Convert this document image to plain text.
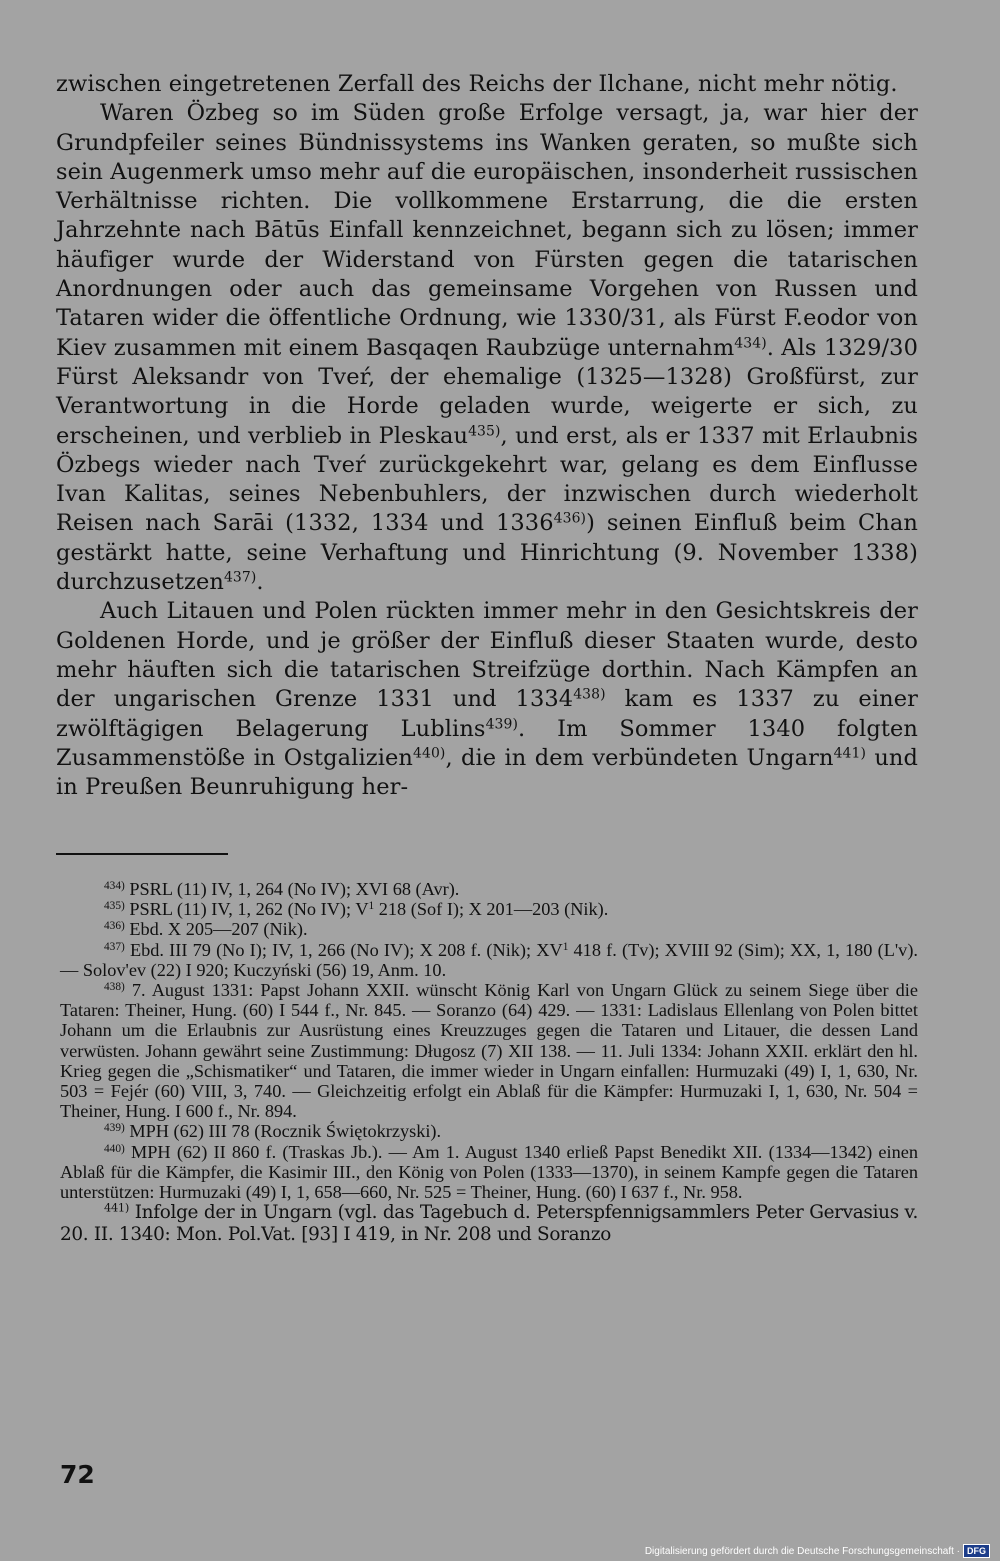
zwischen eingetretenen Zerfall des Reichs der Ilchane, nicht mehr nötig.

Waren Özbeg so im Süden große Erfolge versagt, ja, war hier der Grundpfeiler seines Bündnissystems ins Wanken geraten, so mußte sich sein Augenmerk umso mehr auf die europäischen, insonderheit russischen Verhältnisse richten. Die vollkommene Erstarrung, die die ersten Jahrzehnte nach Bātūs Einfall kennzeichnet, begann sich zu lösen; immer häufiger wurde der Widerstand von Fürsten gegen die tatarischen Anordnungen oder auch das gemeinsame Vorgehen von Russen und Tataren wider die öffentliche Ordnung, wie 1330/31, als Fürst F.eodor von Kiev zusammen mit einem Basqaqen Raubzüge unternahm$^{434)}$. Als 1329/30 Fürst Aleksandr von Tveŕ, der ehemalige (1325—1328) Großfürst, zur Verantwortung in die Horde geladen wurde, weigerte er sich, zu erscheinen, und verblieb in Pleskau$^{435)}$, und erst, als er 1337 mit Erlaubnis Özbegs wieder nach Tveŕ zurückgekehrt war, gelang es dem Einflusse Ivan Kalitas, seines Nebenbuhlers, der inzwischen durch wiederholt Reisen nach Sarāi (1332, 1334 und 1336$^{436)}$) seinen Einfluß beim Chan gestärkt hatte, seine Verhaftung und Hinrichtung (9. November 1338) durchzusetzen$^{437)}$.

Auch Litauen und Polen rückten immer mehr in den Gesichtskreis der Goldenen Horde, und je größer der Einfluß dieser Staaten wurde, desto mehr häuften sich die tatarischen Streifzüge dorthin. Nach Kämpfen an der ungarischen Grenze 1331 und 1334$^{438)}$ kam es 1337 zu einer zwölftägigen Belagerung Lublins$^{439)}$. Im Sommer 1340 folgten Zusammenstöße in Ostgalizien$^{440)}$, die in dem verbündeten Ungarn$^{441)}$ und in Preußen Beunruhigung her-

$^{434)}$ PSRL (11) IV, 1, 264 (No IV); XVI 68 (Avr).

$^{435)}$ PSRL (11) IV, 1, 262 (No IV); $V^1$ 218 (Sof I); X 201—203 (Nik).

$^{436)}$ Ebd. X 205—207 (Nik).

$^{437)}$ Ebd. III 79 (No I); IV, 1, 266 (No IV); X 208 f. (Nik); $XV^1$ 418 f. (Tv); XVIII 92 (Sim); XX, 1, 180 (L'v). — Solov'ev (22) I 920; Kuczyński (56) 19, Anm. 10.

$^{438)}$ 7. August 1331: Papst Johann XXII. wünscht König Karl von Ungarn Glück zu seinem Siege über die Tataren: Theiner, Hung. (60) I 544 f., Nr. 845. — Soranzo (64) 429. — 1331: Ladislaus Ellenlang von Polen bittet Johann um die Erlaubnis zur Ausrüstung eines Kreuzzuges gegen die Tataren und Litauer, die dessen Land verwüsten. Johann gewährt seine Zustimmung: Długosz (7) XII 138. — 11. Juli 1334: Johann XXII. erklärt den hl. Krieg gegen die „Schismatiker“ und Tataren, die immer wieder in Ungarn einfallen: Hurmuzaki (49) I, 1, 630, Nr. 503 = Fejér (60) VIII, 3, 740. — Gleichzeitig erfolgt ein Ablaß für die Kämpfer: Hurmuzaki I, 1, 630, Nr. 504 = Theiner, Hung. I 600 f., Nr. 894.

$^{439)}$ MPH (62) III 78 (Rocznik Świętokrzyski).

$^{440)}$ MPH (62) II 860 f. (Traskas Jb.). — Am 1. August 1340 erließ Papst Benedikt XII. (1334—1342) einen Ablaß für die Kämpfer, die Kasimir III., den König von Polen (1333—1370), in seinem Kampfe gegen die Tataren unterstützen: Hurmuzaki (49) I, 1, 658—660, Nr. 525 = Theiner, Hung. (60) I 637 f., Nr. 958.

$^{441)}$ Infolge der in Ungarn (vgl. das Tagebuch d. Peterspfennigsammlers Peter Gervasius v. 20. II. 1340: Mon. Pol.Vat. [93] I 419, in Nr. 208 und Soranzo

72
Digitalisierung gefördert durch die Deutsche Forschungsgemeinschaft · DFG
